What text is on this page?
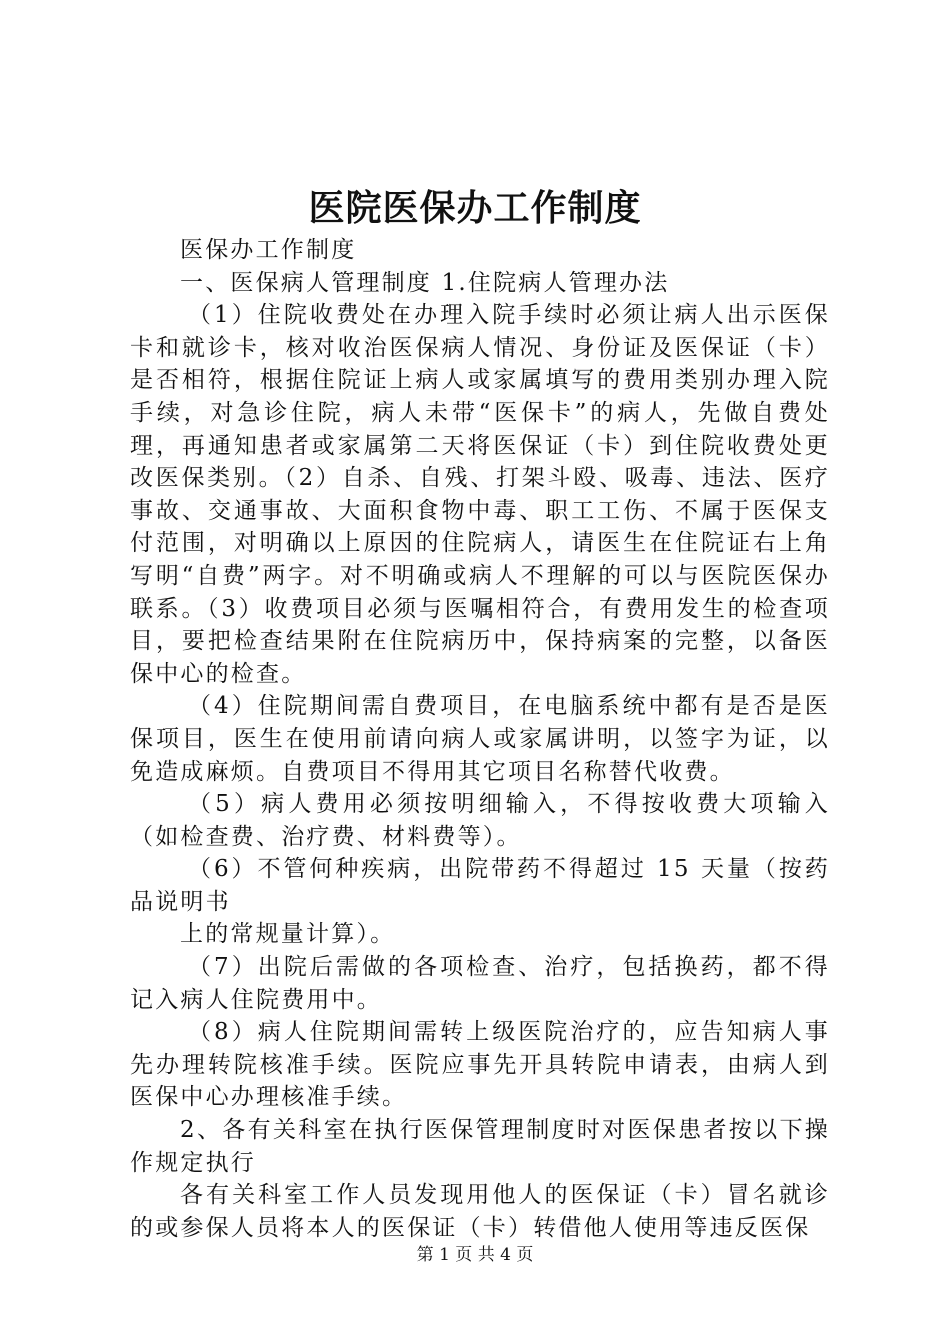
医院医保办工作制度

医保办工作制度

一、医保病人管理制度 1.住院病人管理办法

（1）住院收费处在办理入院手续时必须让病人出示医保卡和就诊卡，核对收治医保病人情况、身份证及医保证（卡）是否相符，根据住院证上病人或家属填写的费用类别办理入院手续，对急诊住院，病人未带“医保卡”的病人，先做自费处理，再通知患者或家属第二天将医保证（卡）到住院收费处更改医保类别。（2）自杀、自残、打架斗殴、吸毒、违法、医疗事故、交通事故、大面积食物中毒、职工工伤、不属于医保支付范围，对明确以上原因的住院病人，请医生在住院证右上角写明“自费”两字。对不明确或病人不理解的可以与医院医保办联系。（3）收费项目必须与医嘱相符合，有费用发生的检查项目，要把检查结果附在住院病历中，保持病案的完整，以备医保中心的检查。

（4）住院期间需自费项目，在电脑系统中都有是否是医保项目，医生在使用前请向病人或家属讲明，以签字为证，以免造成麻烦。自费项目不得用其它项目名称替代收费。

（5）病人费用必须按明细输入，不得按收费大项输入（如检查费、治疗费、材料费等）。

（6）不管何种疾病，出院带药不得超过 15 天量（按药品说明书

上的常规量计算）。

（7）出院后需做的各项检查、治疗，包括换药，都不得记入病人住院费用中。

（8）病人住院期间需转上级医院治疗的，应告知病人事先办理转院核准手续。医院应事先开具转院申请表，由病人到医保中心办理核准手续。

2、各有关科室在执行医保管理制度时对医保患者按以下操作规定执行

各有关科室工作人员发现用他人的医保证（卡）冒名就诊的或参保人员将本人的医保证（卡）转借他人使用等违反医保

第 1 页 共 4 页
